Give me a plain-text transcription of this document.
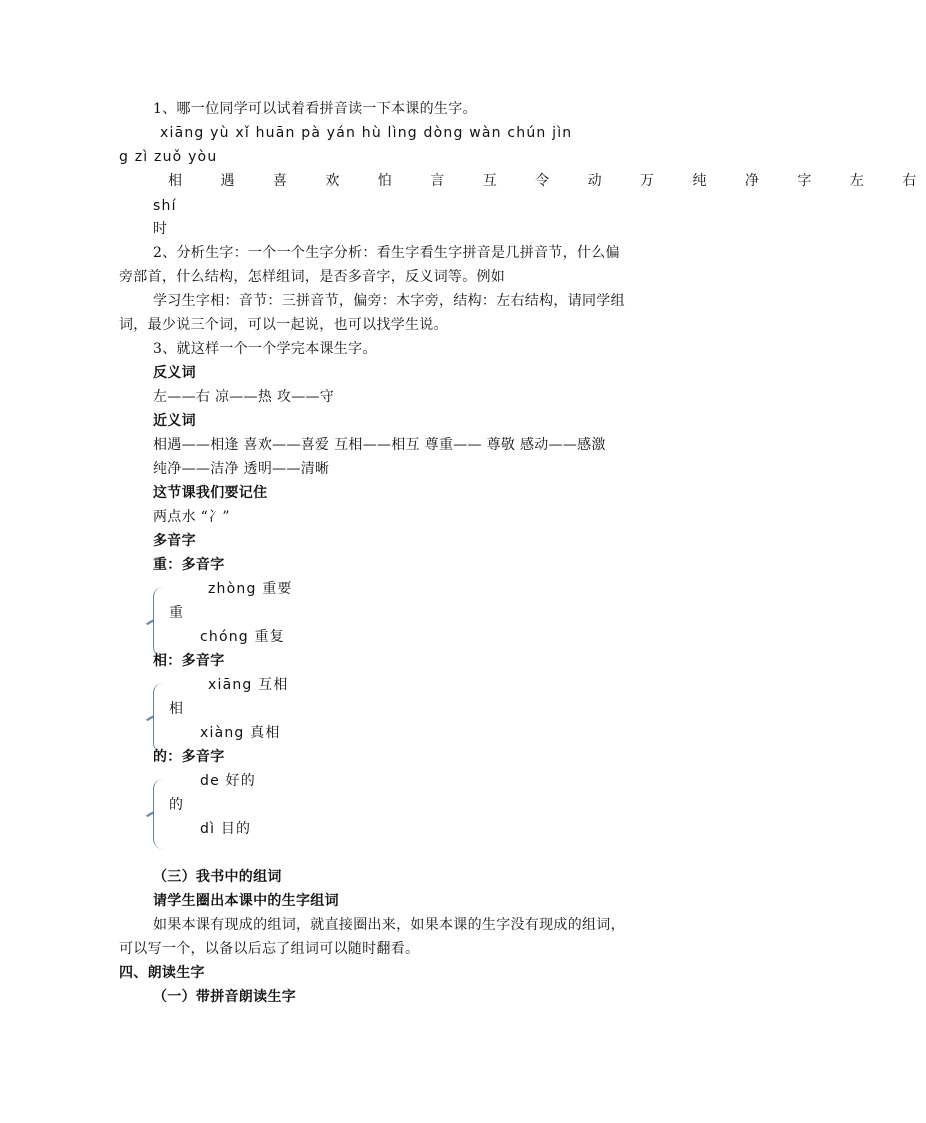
1、哪一位同学可以试着看拼音读一下本课的生字。
xiāng yù xǐ huān pà yán hù lìng dòng wàn chún jìn
g zì zuǒ yòu
相 遇 喜 欢 怕 言 互 令 动 万 纯 净 字 左 右
shí
时
2、分析生字：一个一个生字分析：看生字看生字拼音是几拼音节，什么偏
旁部首，什么结构，怎样组词，是否多音字，反义词等。例如
学习生字相：音节：三拼音节，偏旁：木字旁，结构：左右结构，请同学组
词，最少说三个词，可以一起说，也可以找学生说。
3、就这样一个一个学完本课生字。
反义词
左——右 凉——热 攻——守
近义词
相遇——相逢 喜欢——喜爱 互相——相互 尊重—— 尊敬 感动——感激
纯净——洁净 透明——清晰
这节课我们要记住
两点水 “冫”
多音字
重：多音字
zhòng 重要
重
chóng 重复
相：多音字
xiāng 互相
相
xiàng 真相
的：多音字
de 好的
的
dì 目的
（三）我书中的组词
请学生圈出本课中的生字组词
如果本课有现成的组词，就直接圈出来，如果本课的生字没有现成的组词，
可以写一个，以备以后忘了组词可以随时翻看。
四、朗读生字
（一）带拼音朗读生字
